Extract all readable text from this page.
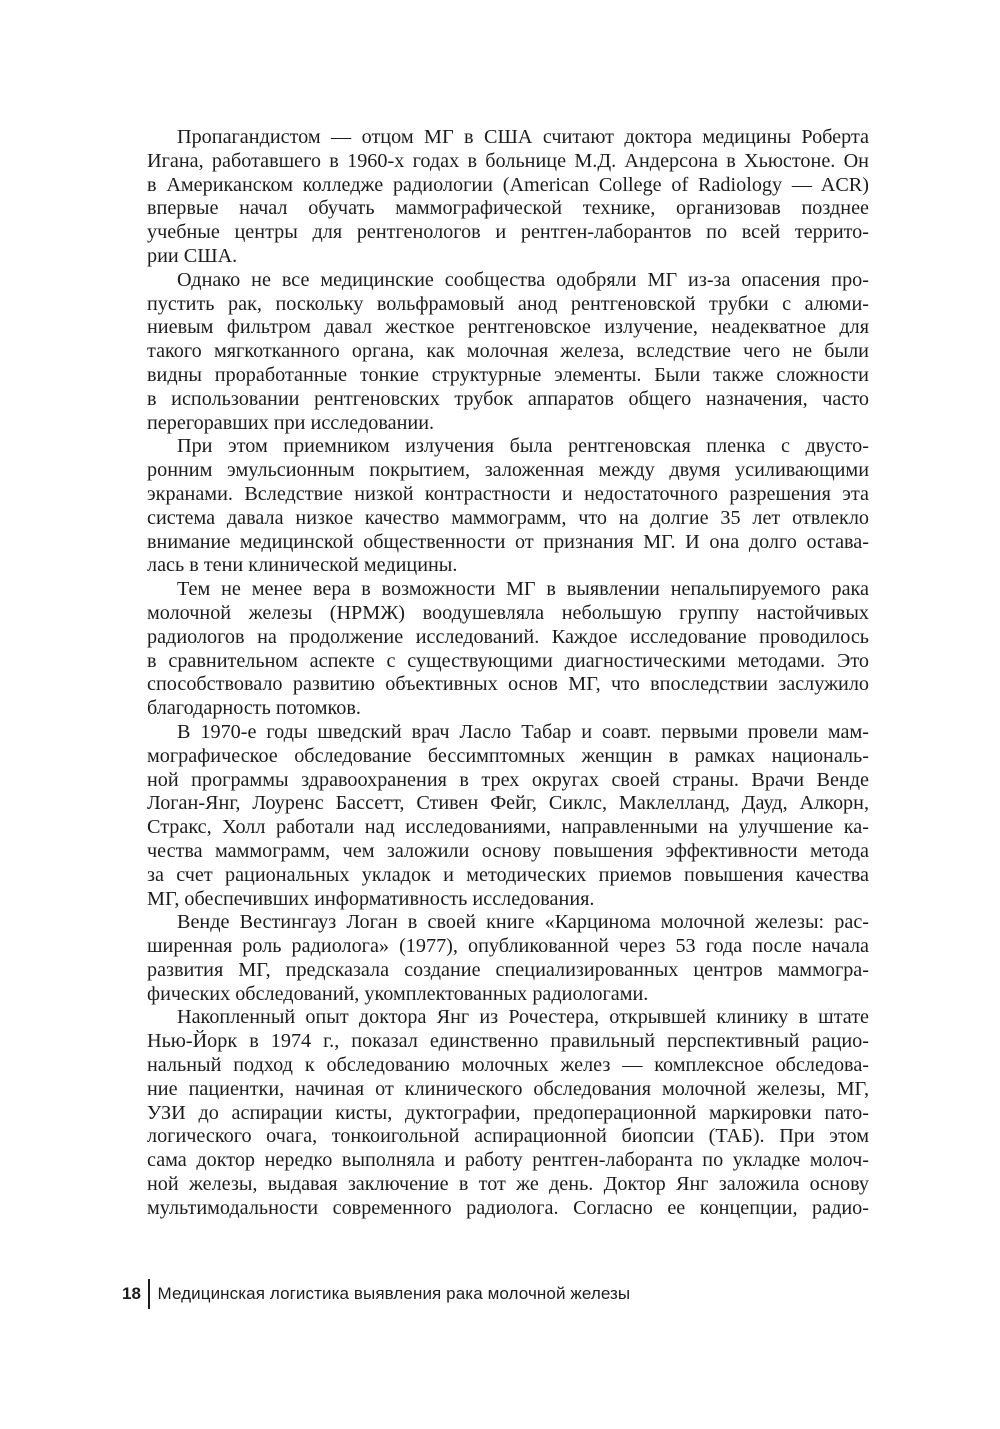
Пропагандистом — отцом МГ в США считают доктора медицины Роберта
Игана, работавшего в 1960-х годах в больнице М.Д. Андерсона в Хьюстоне. Он
в Американском колледже радиологии (American College of Radiology — ACR)
впервые начал обучать маммографической технике, организовав позднее
учебные центры для рентгенологов и рентген-лаборантов по всей террито-
рии США.
Однако не все медицинские сообщества одобряли МГ из-за опасения про-
пустить рак, поскольку вольфрамовый анод рентгеновской трубки с алюми-
ниевым фильтром давал жесткое рентгеновское излучение, неадекватное для
такого мягкотканного органа, как молочная железа, вследствие чего не были
видны проработанные тонкие структурные элементы. Были также сложности
в использовании рентгеновских трубок аппаратов общего назначения, часто
перегоравших при исследовании.
При этом приемником излучения была рентгеновская пленка с двусто-
ронним эмульсионным покрытием, заложенная между двумя усиливающими
экранами. Вследствие низкой контрастности и недостаточного разрешения эта
система давала низкое качество маммограмм, что на долгие 35 лет отвлекло
внимание медицинской общественности от признания МГ. И она долго остава-
лась в тени клинической медицины.
Тем не менее вера в возможности МГ в выявлении непальпируемого рака
молочной железы (НРМЖ) воодушевляла небольшую группу настойчивых
радиологов на продолжение исследований. Каждое исследование проводилось
в сравнительном аспекте с существующими диагностическими методами. Это
способствовало развитию объективных основ МГ, что впоследствии заслужило
благодарность потомков.
В 1970-е годы шведский врач Ласло Табар и соавт. первыми провели мам-
мографическое обследование бессимптомных женщин в рамках националь-
ной программы здравоохранения в трех округах своей страны. Врачи Венде
Логан-Янг, Лоуренс Бассетт, Стивен Фейг, Сиклс, Маклелланд, Дауд, Алкорн,
Стракс, Холл работали над исследованиями, направленными на улучшение ка-
чества маммограмм, чем заложили основу повышения эффективности метода
за счет рациональных укладок и методических приемов повышения качества
МГ, обеспечивших информативность исследования.
Венде Вестингауз Логан в своей книге «Карцинома молочной железы: рас-
ширенная роль радиолога» (1977), опубликованной через 53 года после начала
развития МГ, предсказала создание специализированных центров маммогра-
фических обследований, укомплектованных радиологами.
Накопленный опыт доктора Янг из Рочестера, открывшей клинику в штате
Нью-Йорк в 1974 г., показал единственно правильный перспективный рацио-
нальный подход к обследованию молочных желез — комплексное обследова-
ние пациентки, начиная от клинического обследования молочной железы, МГ,
УЗИ до аспирации кисты, дуктографии, предоперационной маркировки пато-
логического очага, тонкоигольной аспирационной биопсии (ТАБ). При этом
сама доктор нередко выполняла и работу рентген-лаборанта по укладке молоч-
ной железы, выдавая заключение в тот же день. Доктор Янг заложила основу
мультимодальности современного радиолога. Согласно ее концепции, радио-
18 Медицинская логистика выявления рака молочной железы
